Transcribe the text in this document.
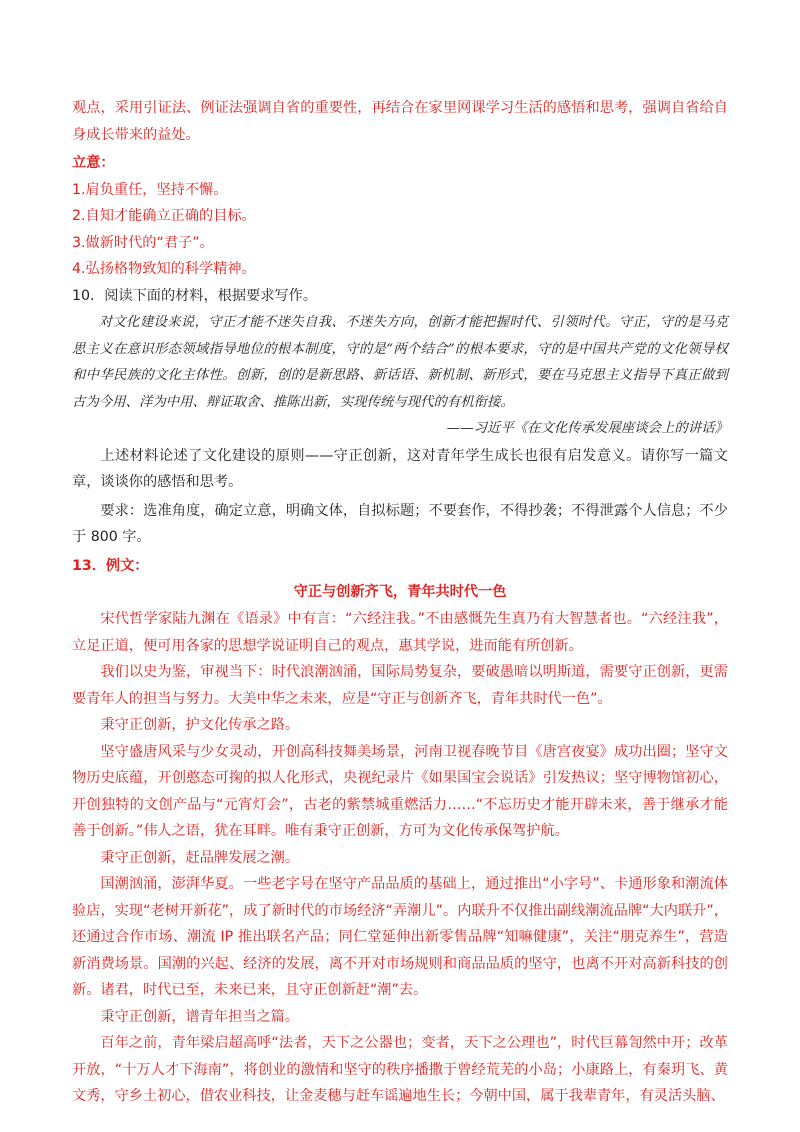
观点，采用引证法、例证法强调自省的重要性，再结合在家里网课学习生活的感悟和思考，强调自省给自身成长带来的益处。

立意：

1.肩负重任，坚持不懈。

2.自知才能确立正确的目标。

3.做新时代的“君子”。

4.弘扬格物致知的科学精神。

10．阅读下面的材料，根据要求写作。

对文化建设来说，守正才能不迷失自我、不迷失方向，创新才能把握时代、引领时代。守正，守的是马克思主义在意识形态领域指导地位的根本制度，守的是“两个结合”的根本要求，守的是中国共产党的文化领导权和中华民族的文化主体性。创新，创的是新思路、新话语、新机制、新形式，要在马克思主义指导下真正做到古为今用、洋为中用、辩证取舍、推陈出新，实现传统与现代的有机衔接。

——习近平《在文化传承发展座谈会上的讲话》

上述材料论述了文化建设的原则——守正创新，这对青年学生成长也很有启发意义。请你写一篇文章，谈谈你的感悟和思考。

要求：选准角度，确定立意，明确文体，自拟标题；不要套作，不得抄袭；不得泄露个人信息；不少于 800 字。

13．例文：

守正与创新齐飞，青年共时代一色

宋代哲学家陆九渊在《语录》中有言：“六经注我。”不由感慨先生真乃有大智慧者也。“六经注我”，立足正道，便可用各家的思想学说证明自己的观点，惠其学说，进而能有所创新。

我们以史为鉴，审视当下：时代浪潮汹涌，国际局势复杂，要破愚暗以明斯道，需要守正创新，更需要青年人的担当与努力。大美中华之未来，应是“守正与创新齐飞，青年共时代一色”。

秉守正创新，护文化传承之路。

坚守盛唐风采与少女灵动，开创高科技舞美场景，河南卫视春晚节目《唐宫夜宴》成功出圈；坚守文物历史底蕴，开创憨态可掬的拟人化形式，央视纪录片《如果国宝会说话》引发热议；坚守博物馆初心，开创独特的文创产品与“元宵灯会”，古老的紫禁城重燃活力……“不忘历史才能开辟未来，善于继承才能善于创新。”伟人之语，犹在耳畔。唯有秉守正创新，方可为文化传承保驾护航。

秉守正创新，赶品牌发展之潮。

国潮汹涌，澎湃华夏。一些老字号在坚守产品品质的基础上，通过推出“小字号”、卡通形象和潮流体验店，实现“老树开新花”，成了新时代的市场经济“弄潮儿”。内联升不仅推出副线潮流品牌“大内联升”，还通过合作市场、潮流 IP 推出联名产品；同仁堂延伸出新零售品牌“知嘛健康”，关注“朋克养生”，营造新消费场景。国潮的兴起、经济的发展，离不开对市场规则和商品品质的坚守，也离不开对高新科技的创新。诸君，时代已至，未来已来，且守正创新赶“潮”去。

秉守正创新，谱青年担当之篇。

百年之前，青年梁启超高呼“法者，天下之公器也；变者，天下之公理也”，时代巨幕訇然中开；改革开放，“十万人才下海南”，将创业的激情和坚守的秩序播撒于曾经荒芜的小岛；小康路上，有秦玥飞、黄文秀，守乡土初心，借农业科技，让金麦穗与赶车谣遍地生长；今朝中国，属于我辈青年，有灵活头脑、
